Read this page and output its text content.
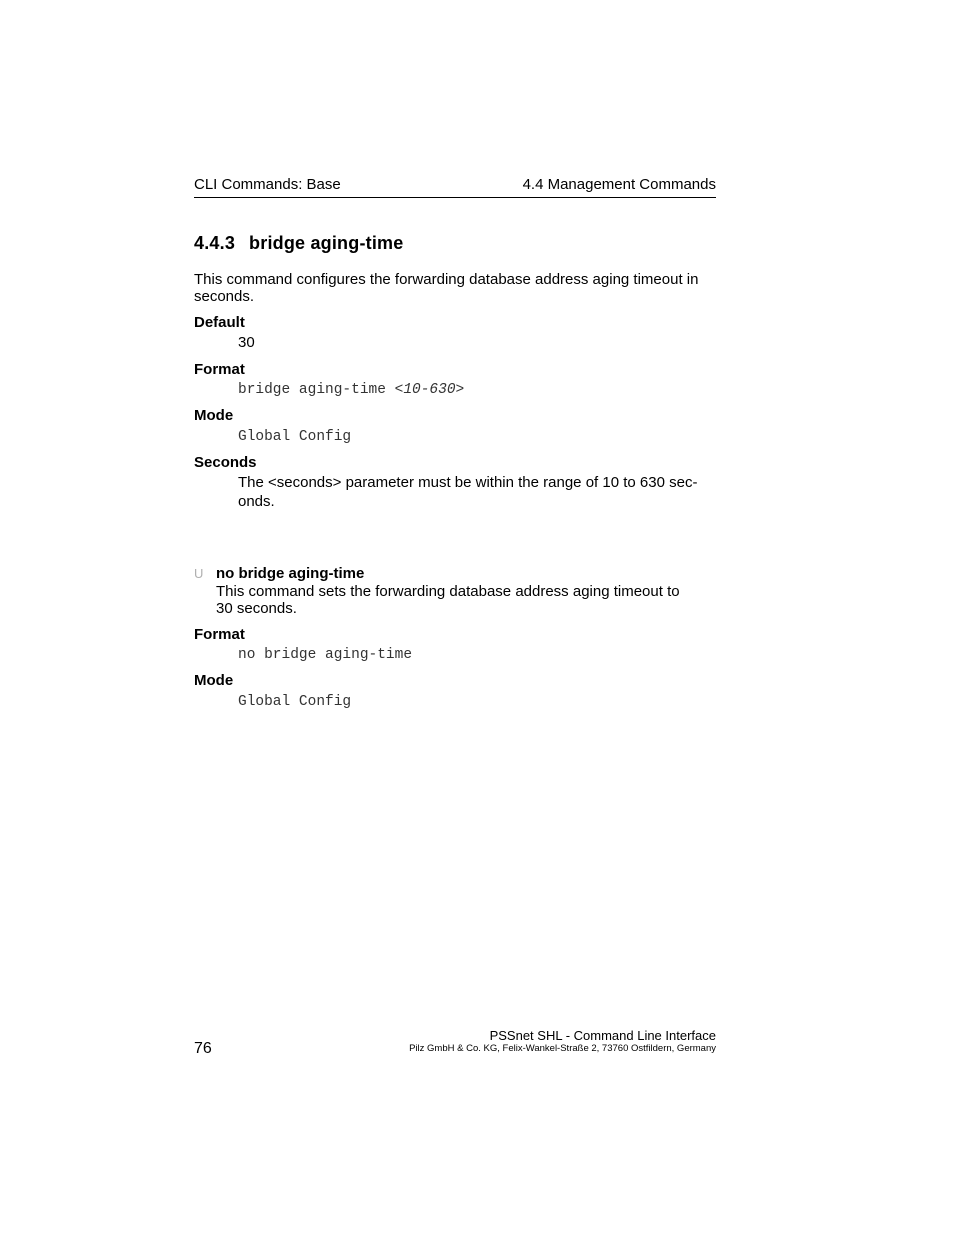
CLI Commands: Base	4.4 Management Commands
4.4.3 bridge aging-time
This command configures the forwarding database address aging timeout in
seconds.
Default
30
Format
bridge aging-time <10-630>
Mode
Global Config
Seconds
The <seconds> parameter must be within the range of 10 to 630 sec-
onds.
U no bridge aging-time
This command sets the forwarding database address aging timeout to
30 seconds.
Format
no bridge aging-time
Mode
Global Config
76
PSSnet SHL - Command Line Interface
Pilz GmbH & Co. KG, Felix-Wankel-Straße 2, 73760 Ostfildern, Germany
